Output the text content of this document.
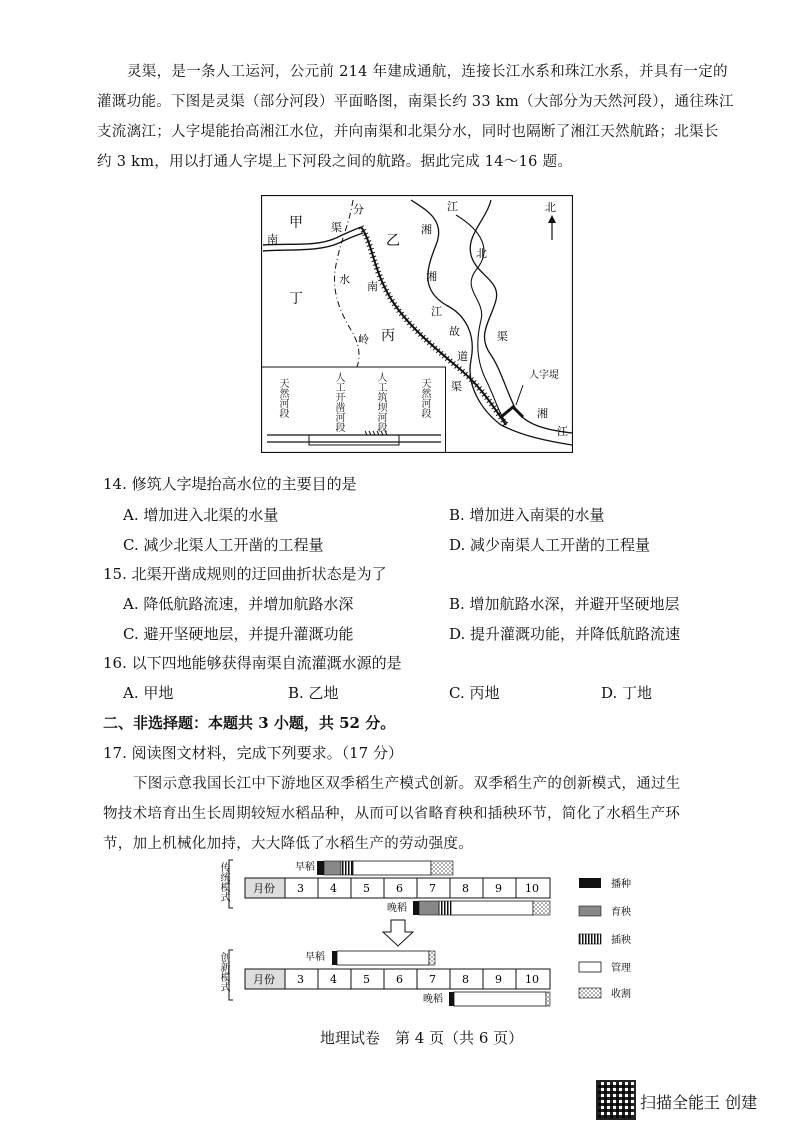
灵渠，是一条人工运河，公元前 214 年建成通航，连接长江水系和珠江水系，并具有一定的
灌溉功能。下图是灵渠（部分河段）平面略图，南渠长约 33 km（大部分为天然河段），通往珠江
支流漓江；人字堤能抬高湘江水位，并向南渠和北渠分水，同时也隔断了湘江天然航路；北渠长
约 3 km，用以打通人字堤上下河段之间的航路。据此完成 14～16 题。
甲
乙
丙
丁
南
渠
分
水
岭
南
湘
江
北
湘
江
故
道
渠
渠
人字堤
湘
江
北
天然河段	人工开凿河段	人工筑坝河段	天然河段
14. 修筑人字堤抬高水位的主要目的是
A. 增加进入北渠的水量	B. 增加进入南渠的水量
C. 减少北渠人工开凿的工程量	D. 减少南渠人工开凿的工程量
15. 北渠开凿成规则的迂回曲折状态是为了
A. 降低航路流速，并增加航路水深	B. 增加航路水深，并避开坚硬地层
C. 避开坚硬地层，并提升灌溉功能	D. 提升灌溉功能，并降低航路流速
16. 以下四地能够获得南渠自流灌溉水源的是
A. 甲地	B. 乙地	C. 丙地	D. 丁地
二、非选择题：本题共 3 小题，共 52 分。
17. 阅读图文材料，完成下列要求。（17 分）
下图示意我国长江中下游地区双季稻生产模式创新。双季稻生产的创新模式，通过生
物技术培育出生长周期较短水稻品种，从而可以省略育秧和插秧环节，简化了水稻生产环
节，加上机械化加持，大大降低了水稻生产的劳动强度。
早稻
月份 3 4 5 6 7 8 9 10
晚稻
早稻
月份 3 4 5 6 7 8 9 10
晚稻
播种
育秧
插秧
管理
收割
传统模式
创新模式
地理试卷　第 4 页（共 6 页）
扫描全能王 创建
